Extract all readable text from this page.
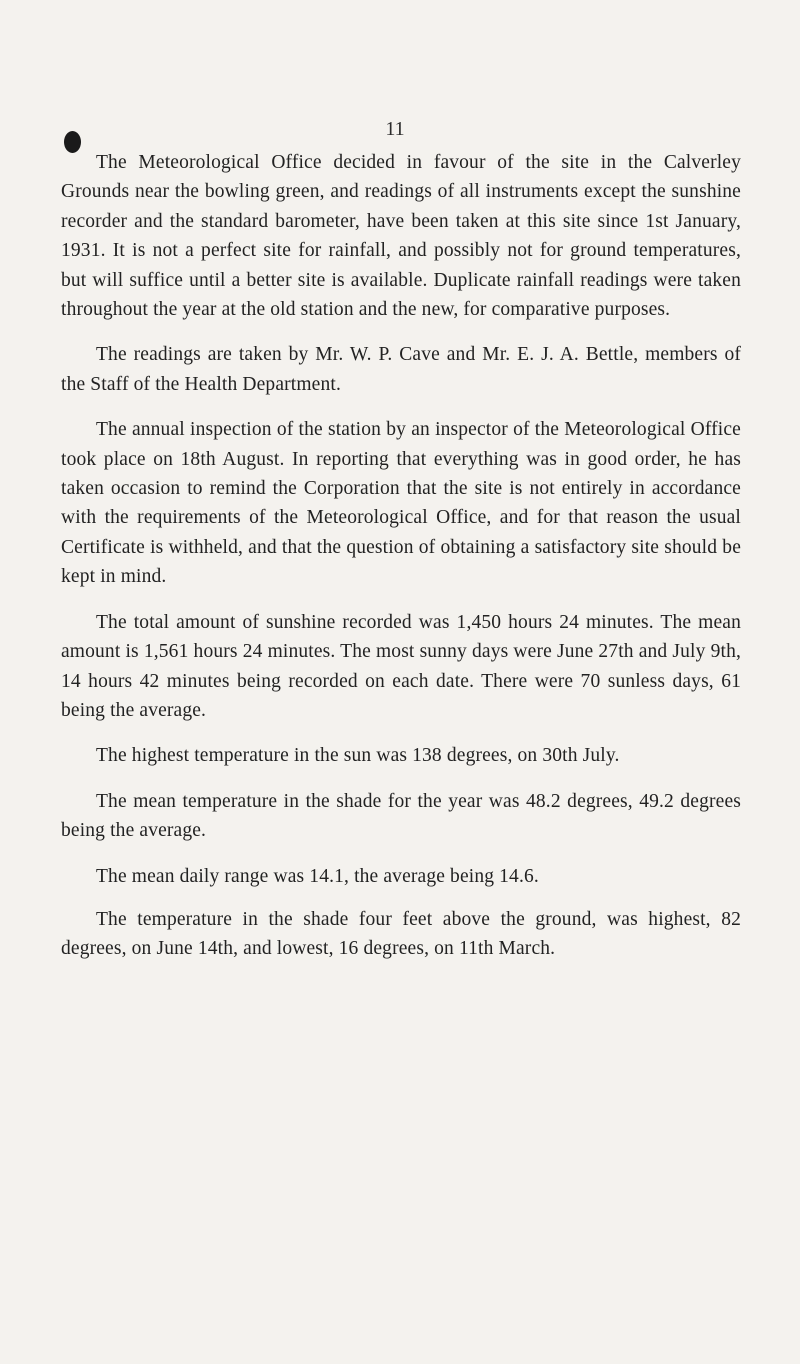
11

The Meteorological Office decided in favour of the site in the Calverley Grounds near the bowling green, and readings of all instruments except the sunshine recorder and the standard barometer, have been taken at this site since 1st January, 1931. It is not a perfect site for rainfall, and possibly not for ground temperatures, but will suffice until a better site is available. Duplicate rainfall readings were taken throughout the year at the old station and the new, for comparative purposes.

The readings are taken by Mr. W. P. Cave and Mr. E. J. A. Bettle, members of the Staff of the Health Department.

The annual inspection of the station by an inspector of the Meteorological Office took place on 18th August. In reporting that everything was in good order, he has taken occasion to remind the Corporation that the site is not entirely in accordance with the requirements of the Meteorological Office, and for that reason the usual Certificate is withheld, and that the question of obtaining a satisfactory site should be kept in mind.

The total amount of sunshine recorded was 1,450 hours 24 minutes. The mean amount is 1,561 hours 24 minutes. The most sunny days were June 27th and July 9th, 14 hours 42 minutes being recorded on each date. There were 70 sunless days, 61 being the average.

The highest temperature in the sun was 138 degrees, on 30th July.

The mean temperature in the shade for the year was 48.2 degrees, 49.2 degrees being the average.

The mean daily range was 14.1, the average being 14.6.

The temperature in the shade four feet above the ground, was highest, 82 degrees, on June 14th, and lowest, 16 degrees, on 11th March.
